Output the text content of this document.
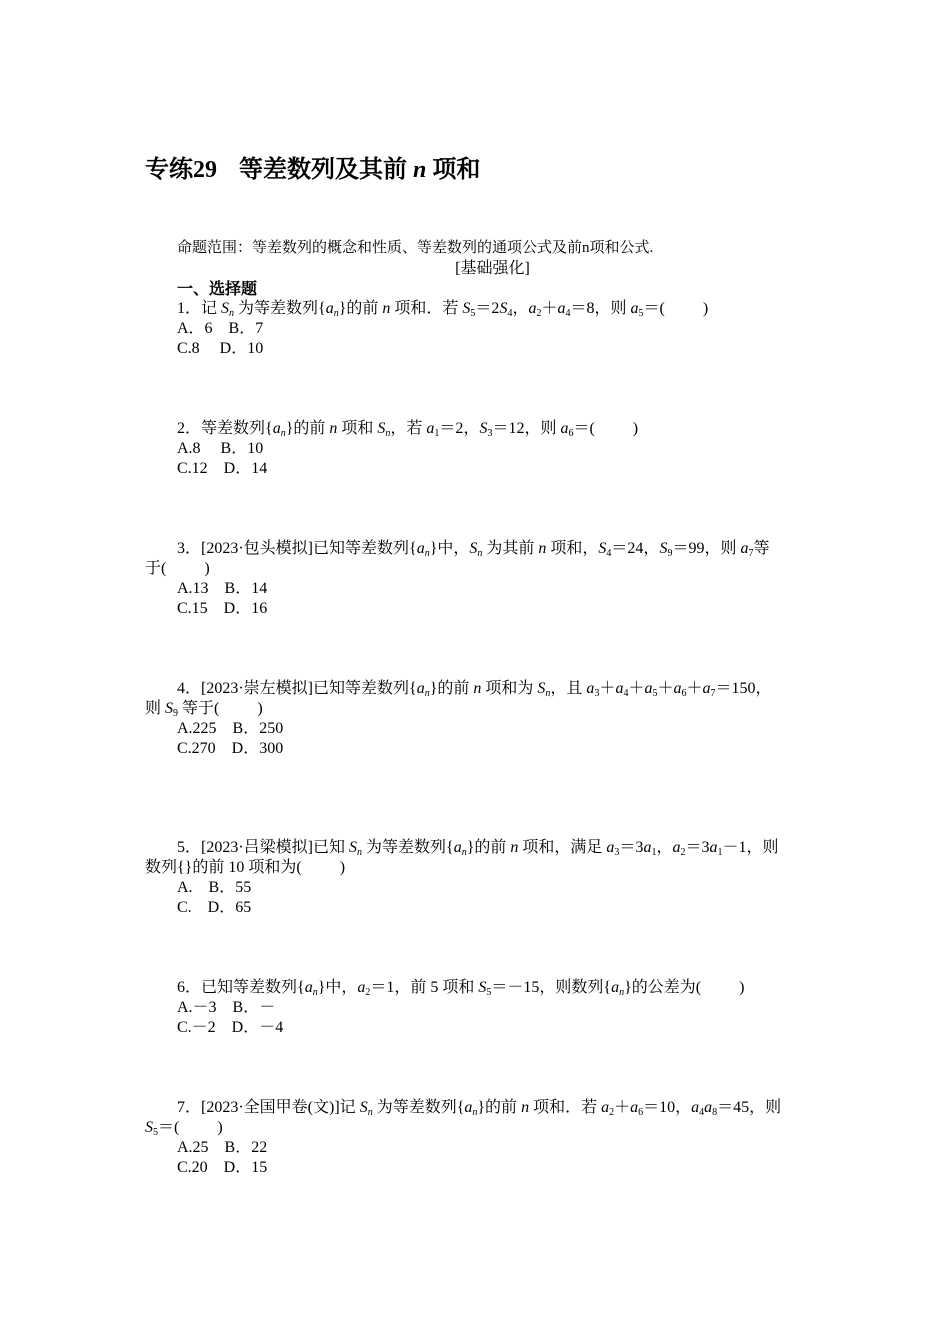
专练29 等差数列及其前 n 项和
命题范围：等差数列的概念和性质、等差数列的通项公式及前n项和公式.
[基础强化]
一、选择题
1．记 $S_n$ 为等差数列$\{a_n\}$的前 n 项和．若 $S_5=2S_4$，$a_2+a_4=8$，则 $a_5=$( )
A．6　B．7
C.8　 D．10
2．等差数列$\{a_n\}$的前 n 项和 $S_n$，若 $a_1=2$，$S_3=12$，则 $a_6=$( )
A.8　 B．10
C.12　D．14
3．[2023·包头模拟]已知等差数列$\{a_n\}$中，$S_n$ 为其前 n 项和，$S_4=24$，$S_9=99$，则 $a_7$等
于( )
A.13　B．14
C.15　D．16
4．[2023·崇左模拟]已知等差数列$\{a_n\}$的前 n 项和为 $S_n$，且 $a_3+a_4+a_5+a_6+a_7=150$，
则 $S_9$ 等于( )
A.225　B．250
C.270　D．300
5．[2023·吕梁模拟]已知 $S_n$ 为等差数列$\{a_n\}$的前 n 项和，满足 $a_3=3a_1$，$a_2=3a_1-1$，则
数列{}的前 10 项和为( )
A.　B．55
C.　D．65
6．已知等差数列$\{a_n\}$中，$a_2=1$，前 5 项和 $S_5=-15$，则数列$\{a_n\}$的公差为( )
A.－3　B．－
C.－2　D．－4
7．[2023·全国甲卷(文)]记 $S_n$ 为等差数列$\{a_n\}$的前 n 项和．若 $a_2+a_6=10$，$a_4a_8=45$，则
$S_5=$( )
A.25　B．22
C.20　D．15
